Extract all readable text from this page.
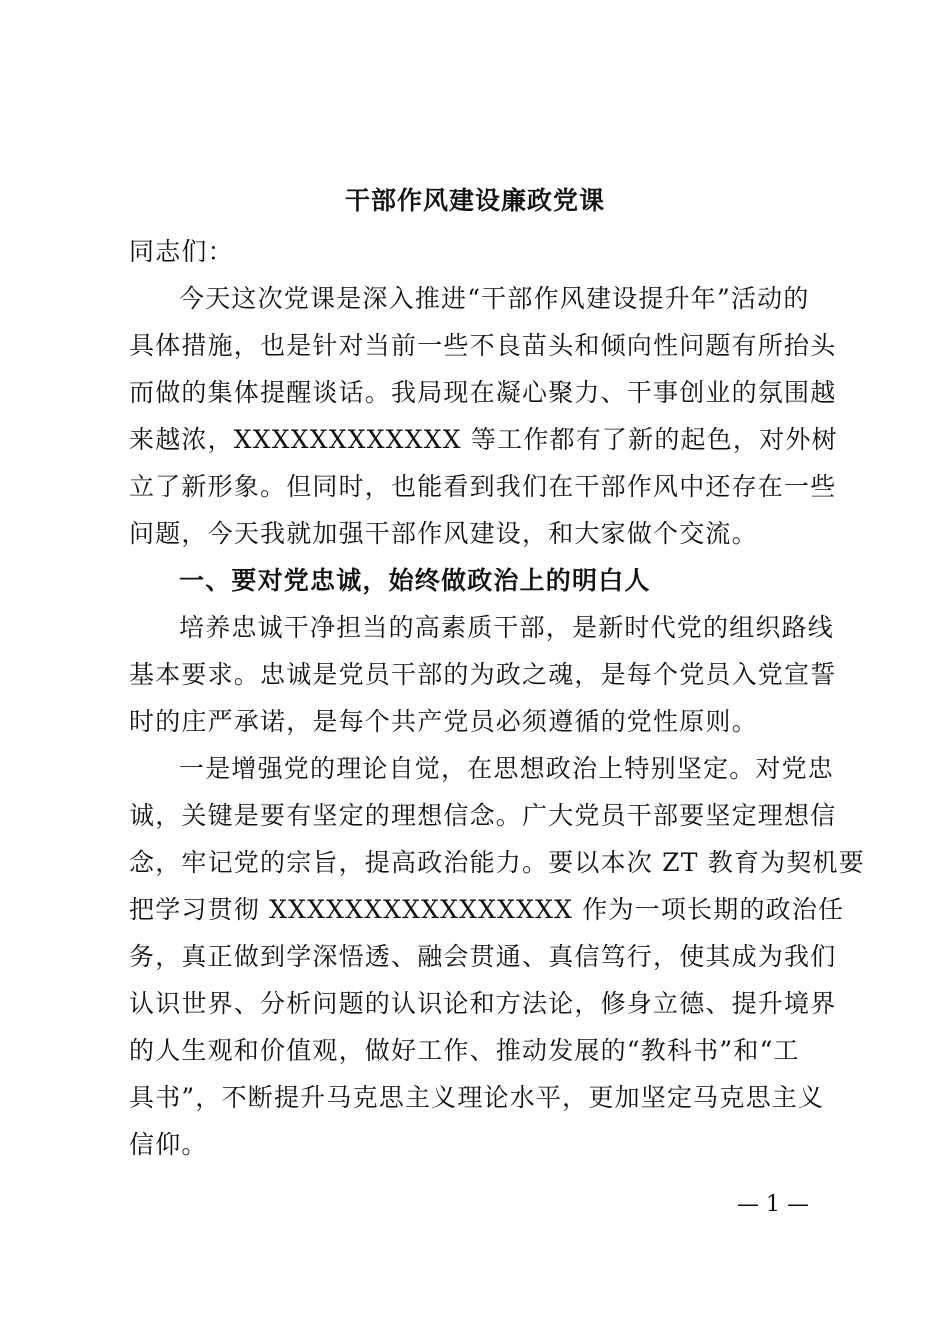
干部作风建设廉政党课
同志们：
今天这次党课是深入推进“干部作风建设提升年”活动的
具体措施，也是针对当前一些不良苗头和倾向性问题有所抬头
而做的集体提醒谈话。我局现在凝心聚力、干事创业的氛围越
来越浓，XXXXXXXXXXXX 等工作都有了新的起色，对外树
立了新形象。但同时，也能看到我们在干部作风中还存在一些
问题，今天我就加强干部作风建设，和大家做个交流。
一、要对党忠诚，始终做政治上的明白人
培养忠诚干净担当的高素质干部，是新时代党的组织路线
基本要求。忠诚是党员干部的为政之魂，是每个党员入党宣誓
时的庄严承诺，是每个共产党员必须遵循的党性原则。
一是增强党的理论自觉，在思想政治上特别坚定。对党忠
诚，关键是要有坚定的理想信念。广大党员干部要坚定理想信
念，牢记党的宗旨，提高政治能力。要以本次 ZT 教育为契机要
把学习贯彻 XXXXXXXXXXXXXXXX 作为一项长期的政治任
务，真正做到学深悟透、融会贯通、真信笃行，使其成为我们
认识世界、分析问题的认识论和方法论，修身立德、提升境界
的人生观和价值观，做好工作、推动发展的“教科书”和“工
具书”，不断提升马克思主义理论水平，更加坚定马克思主义
信仰。
— 1 —
